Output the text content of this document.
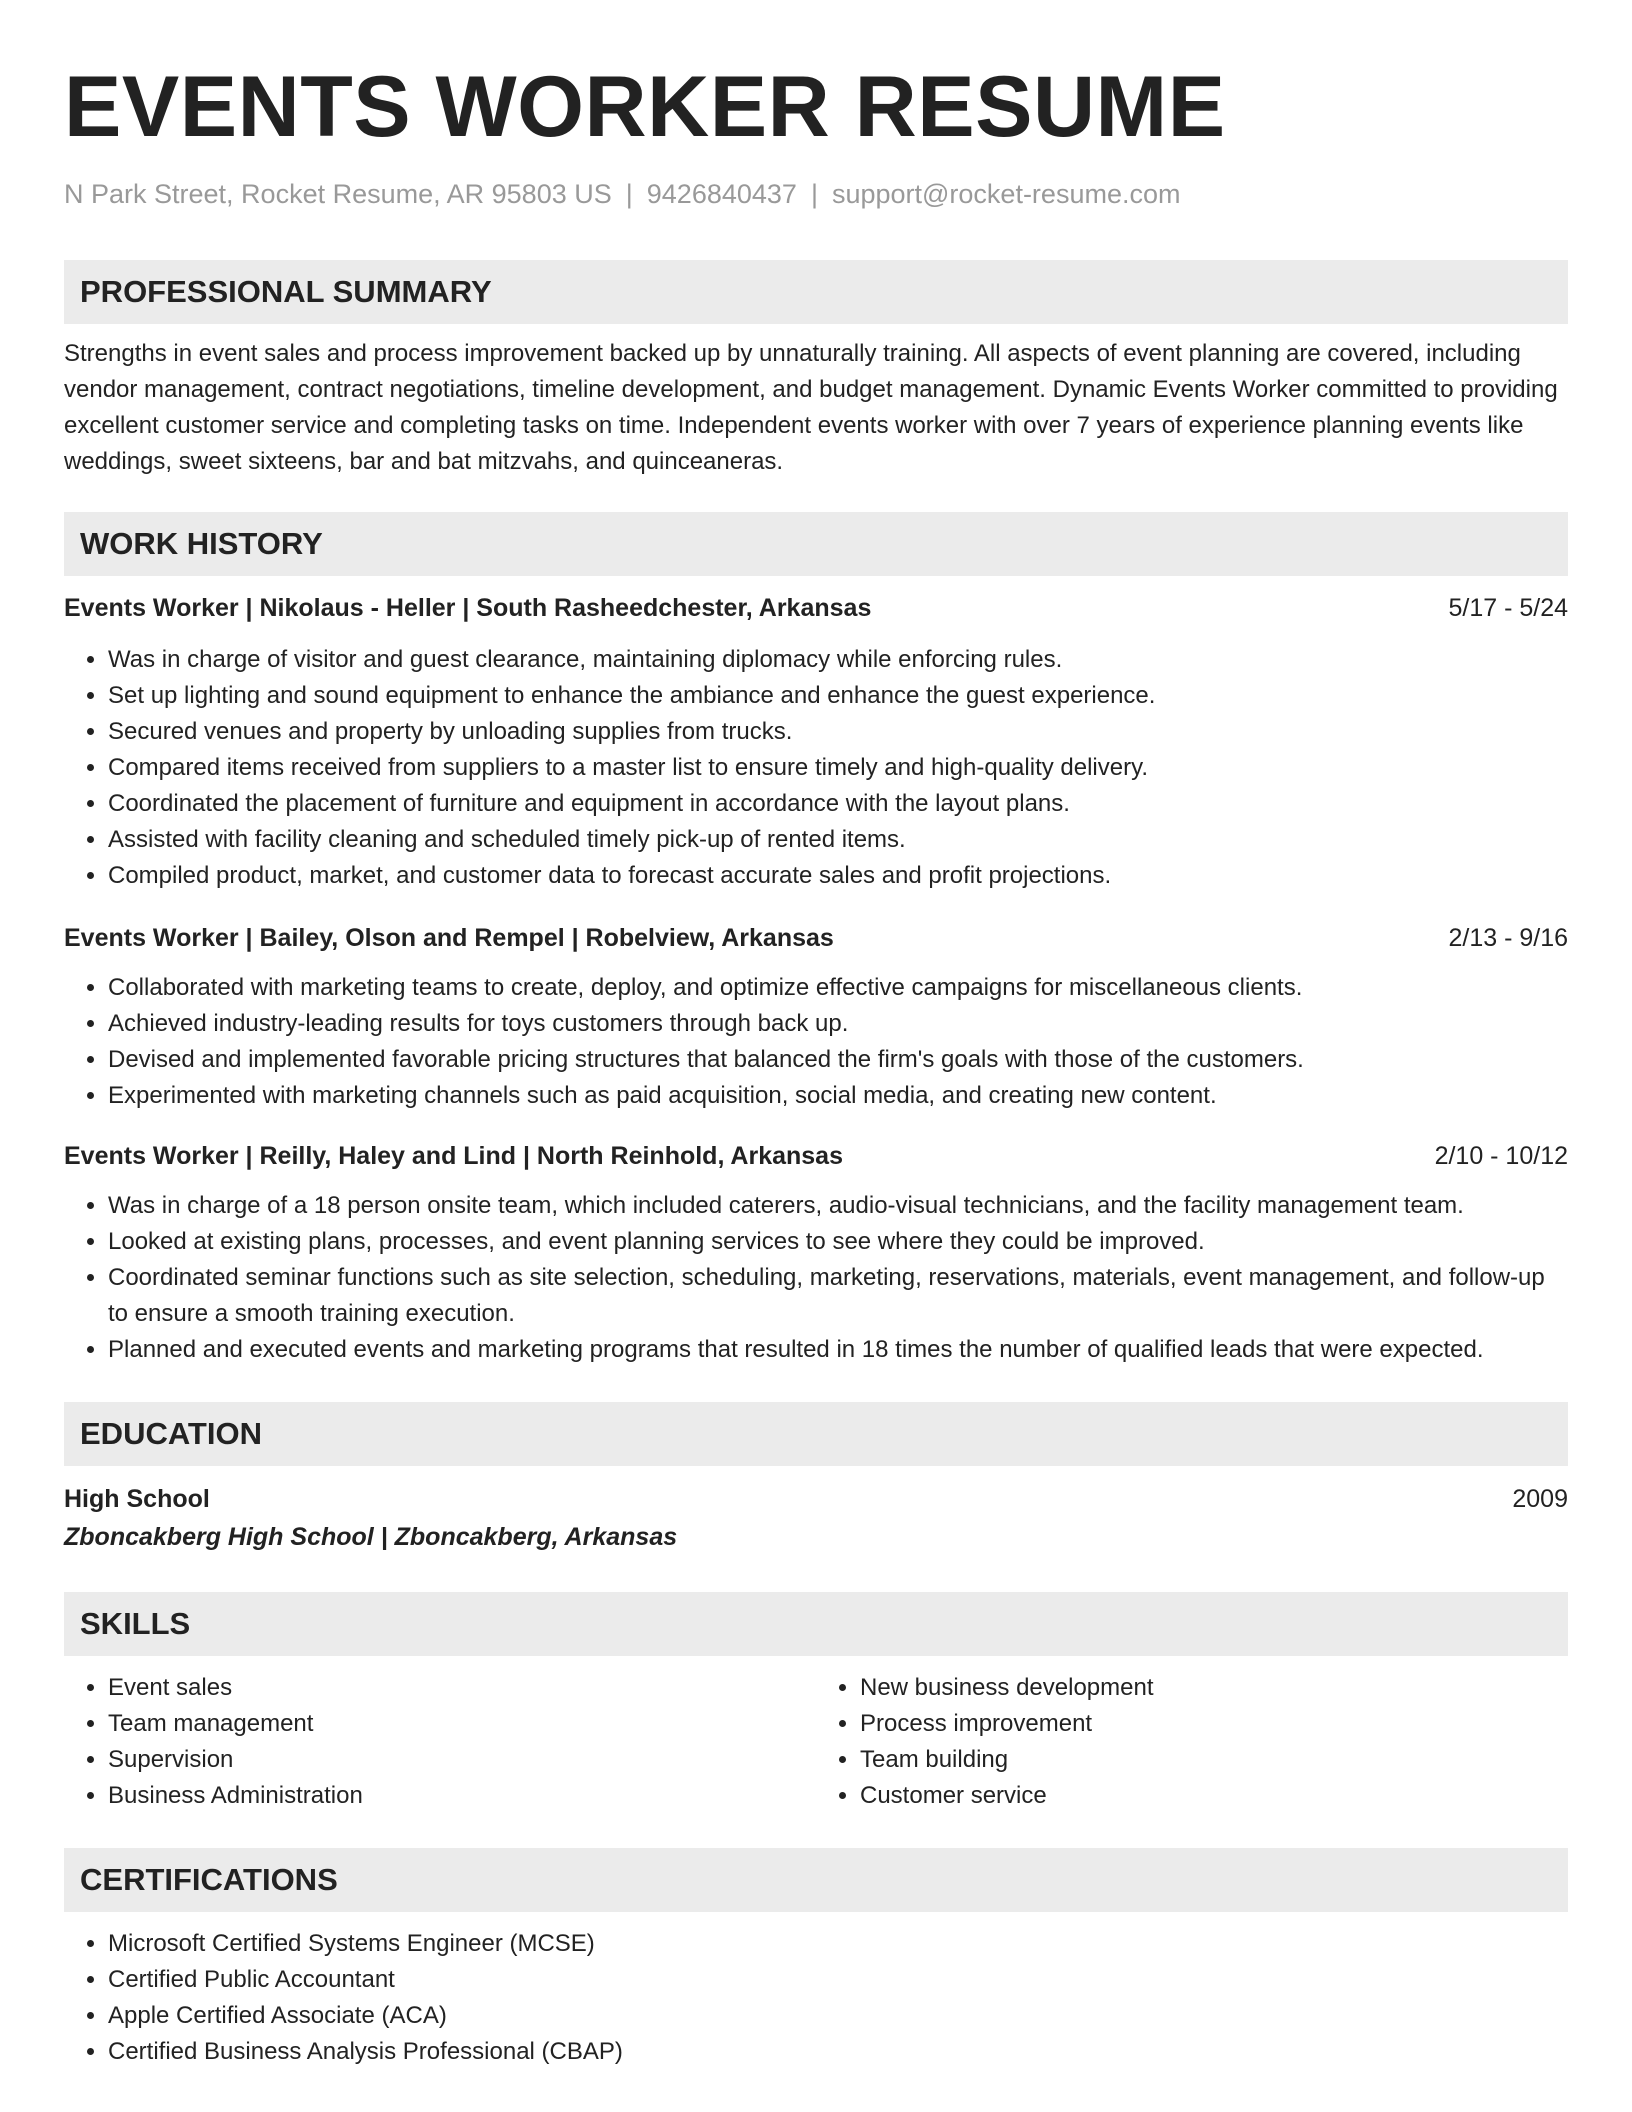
EVENTS WORKER RESUME
N Park Street, Rocket Resume, AR 95803 US | 9426840437 | support@rocket-resume.com
PROFESSIONAL SUMMARY

Strengths in event sales and process improvement backed up by unnaturally training. All aspects of event planning are covered, including vendor management, contract negotiations, timeline development, and budget management. Dynamic Events Worker committed to providing excellent customer service and completing tasks on time. Independent events worker with over 7 years of experience planning events like weddings, sweet sixteens, bar and bat mitzvahs, and quinceaneras.

WORK HISTORY
Events Worker | Nikolaus - Heller | South Rasheedchester, Arkansas	5/17 - 5/24
• Was in charge of visitor and guest clearance, maintaining diplomacy while enforcing rules.
• Set up lighting and sound equipment to enhance the ambiance and enhance the guest experience.
• Secured venues and property by unloading supplies from trucks.
• Compared items received from suppliers to a master list to ensure timely and high-quality delivery.
• Coordinated the placement of furniture and equipment in accordance with the layout plans.
• Assisted with facility cleaning and scheduled timely pick-up of rented items.
• Compiled product, market, and customer data to forecast accurate sales and profit projections.
Events Worker | Bailey, Olson and Rempel | Robelview, Arkansas	2/13 - 9/16
• Collaborated with marketing teams to create, deploy, and optimize effective campaigns for miscellaneous clients.
• Achieved industry-leading results for toys customers through back up.
• Devised and implemented favorable pricing structures that balanced the firm's goals with those of the customers.
• Experimented with marketing channels such as paid acquisition, social media, and creating new content.
Events Worker | Reilly, Haley and Lind | North Reinhold, Arkansas	2/10 - 10/12
• Was in charge of a 18 person onsite team, which included caterers, audio-visual technicians, and the facility management team.
• Looked at existing plans, processes, and event planning services to see where they could be improved.
• Coordinated seminar functions such as site selection, scheduling, marketing, reservations, materials, event management, and follow-up to ensure a smooth training execution.
• Planned and executed events and marketing programs that resulted in 18 times the number of qualified leads that were expected.
EDUCATION
High School	2009
Zboncakberg High School | Zboncakberg, Arkansas
SKILLS
• Event sales
• Team management
• Supervision
• Business Administration
• New business development
• Process improvement
• Team building
• Customer service
CERTIFICATIONS
• Microsoft Certified Systems Engineer (MCSE)
• Certified Public Accountant
• Apple Certified Associate (ACA)
• Certified Business Analysis Professional (CBAP)
